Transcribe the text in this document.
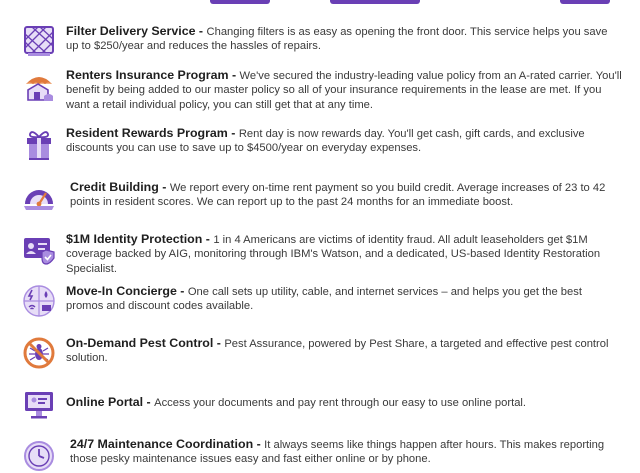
Filter Delivery Service - Changing filters is as easy as opening the front door. This service helps you save up to $250/year and reduces the hassles of repairs.
Renters Insurance Program - We've secured the industry-leading value policy from an A-rated carrier. You'll benefit by being added to our master policy so all of your insurance requirements in the lease are met. If you want a retail individual policy, you can still get that at any time.
Resident Rewards Program - Rent day is now rewards day. You'll get cash, gift cards, and exclusive discounts you can use to save up to $4500/year on everyday expenses.
Credit Building - We report every on-time rent payment so you build credit. Average increases of 23 to 42 points in resident scores. We can report up to the past 24 months for an immediate boost.
$1M Identity Protection - 1 in 4 Americans are victims of identity fraud. All adult leaseholders get $1M coverage backed by AIG, monitoring through IBM's Watson, and a dedicated, US-based Identity Restoration Specialist.
Move-In Concierge - One call sets up utility, cable, and internet services – and helps you get the best promos and discount codes available.
On-Demand Pest Control - Pest Assurance, powered by Pest Share, a targeted and effective pest control solution.
Online Portal - Access your documents and pay rent through our easy to use online portal.
24/7 Maintenance Coordination - It always seems like things happen after hours. This makes reporting those pesky maintenance issues easy and fast either online or by phone.
